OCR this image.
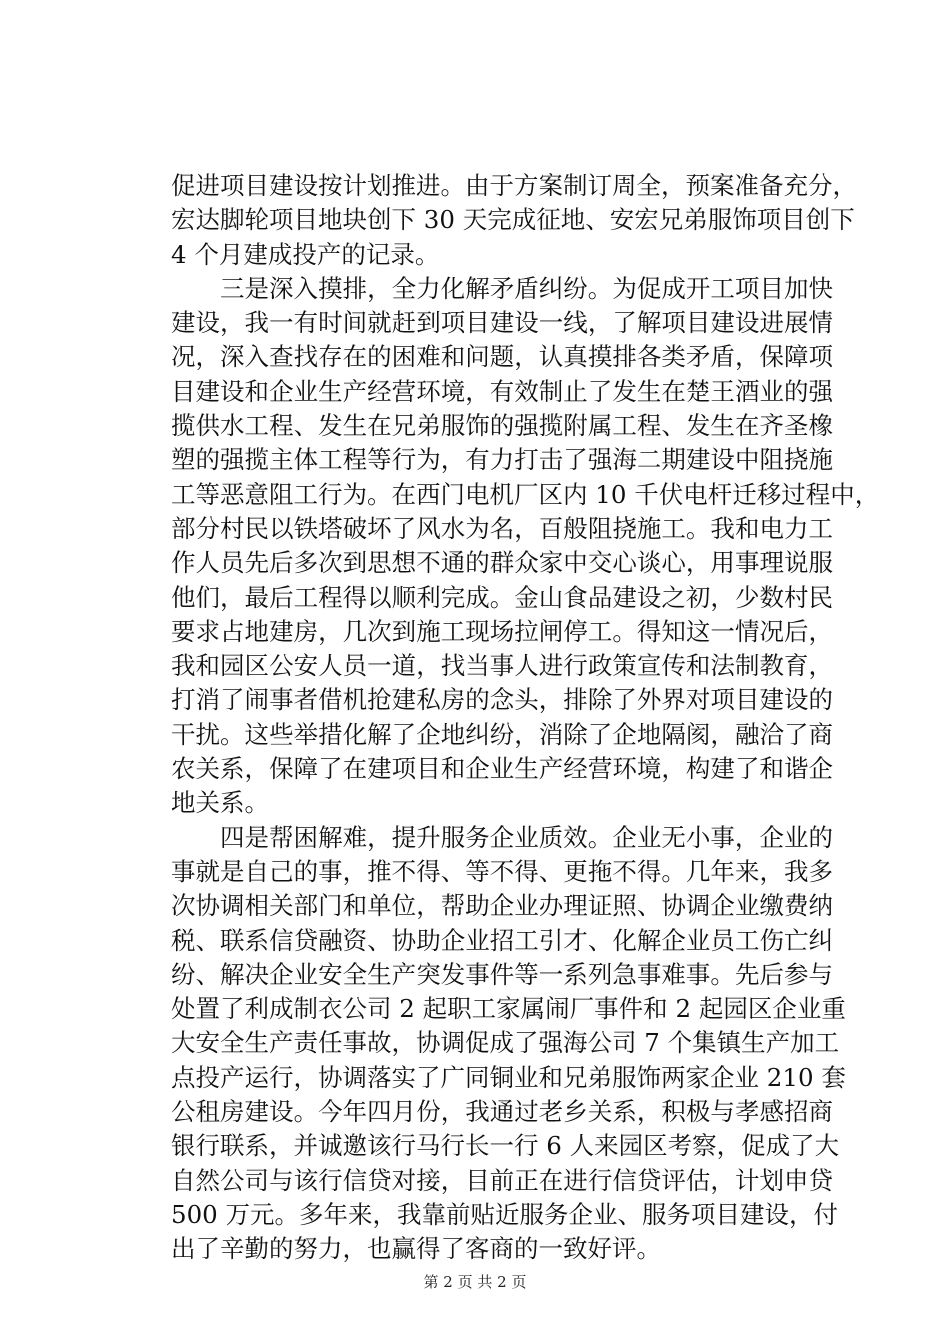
促进项目建设按计划推进。由于方案制订周全，预案准备充分，
宏达脚轮项目地块创下 30 天完成征地、安宏兄弟服饰项目创下
4 个月建成投产的记录。
三是深入摸排，全力化解矛盾纠纷。为促成开工项目加快
建设，我一有时间就赶到项目建设一线，了解项目建设进展情
况，深入查找存在的困难和问题，认真摸排各类矛盾，保障项
目建设和企业生产经营环境，有效制止了发生在楚王酒业的强
揽供水工程、发生在兄弟服饰的强揽附属工程、发生在齐圣橡
塑的强揽主体工程等行为，有力打击了强海二期建设中阻挠施
工等恶意阻工行为。在西门电机厂区内 10 千伏电杆迁移过程中，
部分村民以铁塔破坏了风水为名，百般阻挠施工。我和电力工
作人员先后多次到思想不通的群众家中交心谈心，用事理说服
他们，最后工程得以顺利完成。金山食品建设之初，少数村民
要求占地建房，几次到施工现场拉闸停工。得知这一情况后，
我和园区公安人员一道，找当事人进行政策宣传和法制教育，
打消了闹事者借机抢建私房的念头，排除了外界对项目建设的
干扰。这些举措化解了企地纠纷，消除了企地隔阂，融洽了商
农关系，保障了在建项目和企业生产经营环境，构建了和谐企
地关系。
四是帮困解难，提升服务企业质效。企业无小事，企业的
事就是自己的事，推不得、等不得、更拖不得。几年来，我多
次协调相关部门和单位，帮助企业办理证照、协调企业缴费纳
税、联系信贷融资、协助企业招工引才、化解企业员工伤亡纠
纷、解决企业安全生产突发事件等一系列急事难事。先后参与
处置了利成制衣公司 2 起职工家属闹厂事件和 2 起园区企业重
大安全生产责任事故，协调促成了强海公司 7 个集镇生产加工
点投产运行，协调落实了广同铜业和兄弟服饰两家企业 210 套
公租房建设。今年四月份，我通过老乡关系，积极与孝感招商
银行联系，并诚邀该行马行长一行 6 人来园区考察，促成了大
自然公司与该行信贷对接，目前正在进行信贷评估，计划申贷
500 万元。多年来，我靠前贴近服务企业、服务项目建设，付
出了辛勤的努力，也赢得了客商的一致好评。
第 2 页 共 2 页
